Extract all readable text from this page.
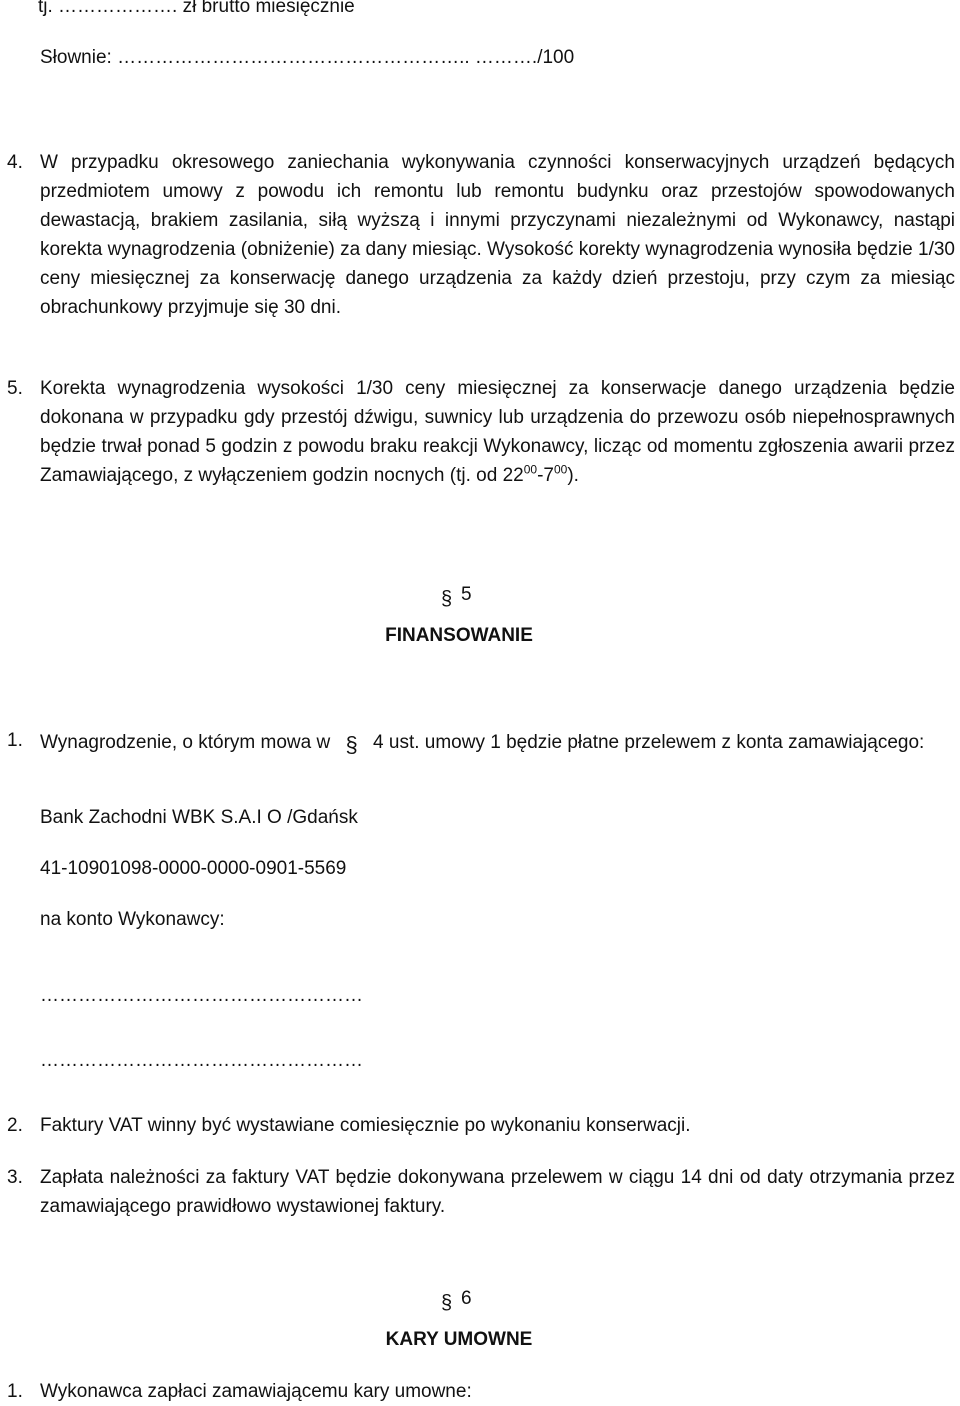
tj. ………………. zł brutto miesięcznie
Słownie: ……………………………………………….. ………./100
4. W przypadku okresowego zaniechania wykonywania czynności konserwacyjnych urządzeń będących przedmiotem umowy z powodu ich remontu lub remontu budynku oraz przestojów spowodowanych dewastacją, brakiem zasilania, siłą wyższą i innymi przyczynami niezależnymi od Wykonawcy, nastąpi korekta wynagrodzenia (obniżenie) za dany miesiąc. Wysokość korekty wynagrodzenia wynosiła będzie 1/30 ceny miesięcznej za konserwację danego urządzenia za każdy dzień przestoju, przy czym za miesiąc obrachunkowy przyjmuje się 30 dni.
5. Korekta wynagrodzenia wysokości 1/30 ceny miesięcznej za konserwacje danego urządzenia będzie dokonana w przypadku gdy przestój dźwigu, suwnicy lub urządzenia do przewozu osób niepełnosprawnych będzie trwał ponad 5 godzin z powodu braku reakcji Wykonawcy, licząc od momentu zgłoszenia awarii przez Zamawiającego, z wyłączeniem godzin nocnych (tj. od $22^{00}-7^{00}$).
§ 5
FINANSOWANIE
1. Wynagrodzenie, o którym mowa w § 4 ust. umowy 1 będzie płatne przelewem z konta zamawiającego:
Bank Zachodni WBK S.A.I O /Gdańsk
41-10901098-0000-0000-0901-5569
na konto Wykonawcy:
……………………………………………
……………………………………………
2. Faktury VAT winny być wystawiane comiesięcznie po wykonaniu konserwacji.
3. Zapłata należności za faktury VAT będzie dokonywana przelewem w ciągu 14 dni od daty otrzymania przez zamawiającego prawidłowo wystawionej faktury.
§ 6
KARY UMOWNE
1. Wykonawca zapłaci zamawiającemu kary umowne:
